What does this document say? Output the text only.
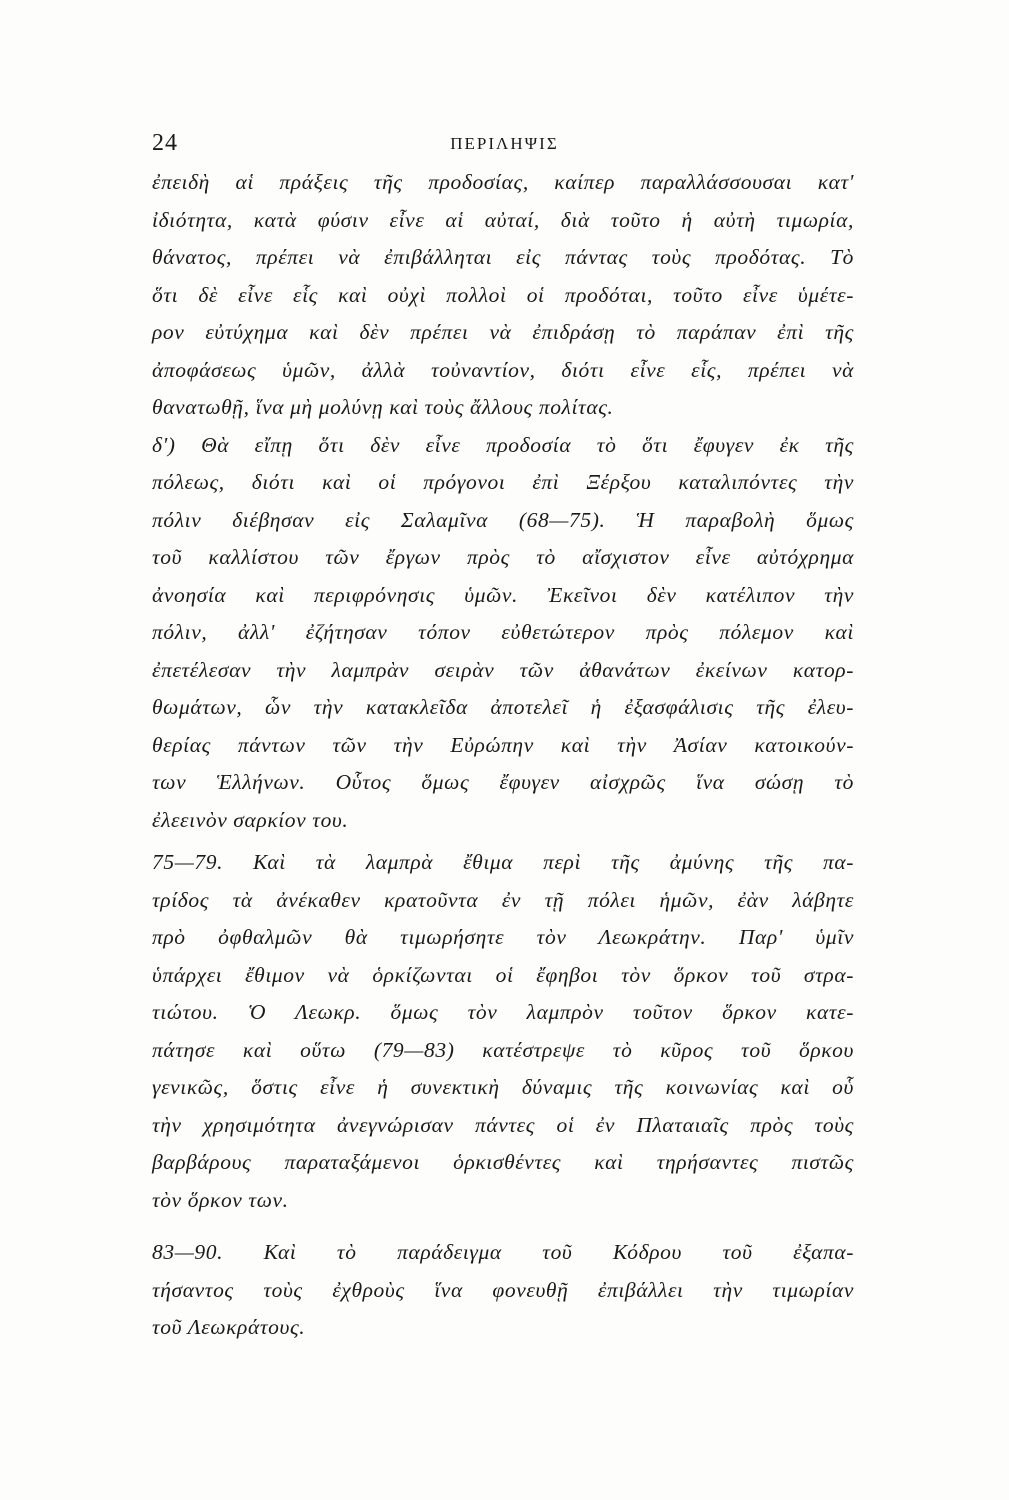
24	ΠΕΡΙΛΗΨΙΣ
ἐπειδὴ αἱ πράξεις τῆς προδοσίας, καίπερ παραλλάσσουσαι κατ'
ἰδιότητα, κατὰ φύσιν εἶνε αἱ αὐταί, διὰ τοῦτο ἡ αὐτὴ τιμωρία,
θάνατος, πρέπει νὰ ἐπιβάλληται εἰς πάντας τοὺς προδότας. Τὸ
ὅτι δὲ εἶνε εἷς καὶ οὐχὶ πολλοὶ οἱ προδόται, τοῦτο εἶνε ὑμέτε-
ρον εὐτύχημα καὶ δὲν πρέπει νὰ ἐπιδράσῃ τὸ παράπαν ἐπὶ τῆς
ἀποφάσεως ὑμῶν, ἀλλὰ τοὐναντίον, διότι εἶνε εἷς, πρέπει νὰ
θανατωθῇ, ἵνα μὴ μολύνῃ καὶ τοὺς ἄλλους πολίτας.
δ') Θὰ εἴπῃ ὅτι δὲν εἶνε προδοσία τὸ ὅτι ἔφυγεν ἐκ τῆς
πόλεως, διότι καὶ οἱ πρόγονοι ἐπὶ Ξέρξου καταλιπόντες τὴν
πόλιν διέβησαν εἰς Σαλαμῖνα (68—75). Ἡ παραβολὴ ὅμως
τοῦ καλλίστου τῶν ἔργων πρὸς τὸ αἴσχιστον εἶνε αὐτόχρημα
ἀνοησία καὶ περιφρόνησις ὑμῶν. Ἐκεῖνοι δὲν κατέλιπον τὴν
πόλιν, ἀλλ' ἐζήτησαν τόπον εὐθετώτερον πρὸς πόλεμον καὶ
ἐπετέλεσαν τὴν λαμπρὰν σειρὰν τῶν ἀθανάτων ἐκείνων κατορ-
θωμάτων, ὧν τὴν κατακλεῖδα ἀποτελεῖ ἡ ἐξασφάλισις τῆς ἐλευ-
θερίας πάντων τῶν τὴν Εὐρώπην καὶ τὴν Ἀσίαν κατοικούν-
των Ἑλλήνων. Οὗτος ὅμως ἔφυγεν αἰσχρῶς ἵνα σώσῃ τὸ
ἐλεεινὸν σαρκίον του.
75—79. Καὶ τὰ λαμπρὰ ἔθιμα περὶ τῆς ἀμύνης τῆς πα-
τρίδος τὰ ἀνέκαθεν κρατοῦντα ἐν τῇ πόλει ἡμῶν, ἐὰν λάβητε
πρὸ ὀφθαλμῶν θὰ τιμωρήσητε τὸν Λεωκράτην. Παρ' ὑμῖν
ὑπάρχει ἔθιμον νὰ ὁρκίζωνται οἱ ἔφηβοι τὸν ὅρκον τοῦ στρα-
τιώτου. Ὁ Λεωκρ. ὅμως τὸν λαμπρὸν τοῦτον ὅρκον κατε-
πάτησε καὶ οὕτω (79—83) κατέστρεψε τὸ κῦρος τοῦ ὅρκου
γενικῶς, ὅστις εἶνε ἡ συνεκτικὴ δύναμις τῆς κοινωνίας καὶ οὗ
τὴν χρησιμότητα ἀνεγνώρισαν πάντες οἱ ἐν Πλαταιαῖς πρὸς τοὺς
βαρβάρους παραταξάμενοι ὁρκισθέντες καὶ τηρήσαντες πιστῶς
τὸν ὅρκον των.
83—90. Καὶ τὸ παράδειγμα τοῦ Κόδρου τοῦ ἐξαπα-
τήσαντος τοὺς ἐχθροὺς ἵνα φονευθῇ ἐπιβάλλει τὴν τιμωρίαν
τοῦ Λεωκράτους.
